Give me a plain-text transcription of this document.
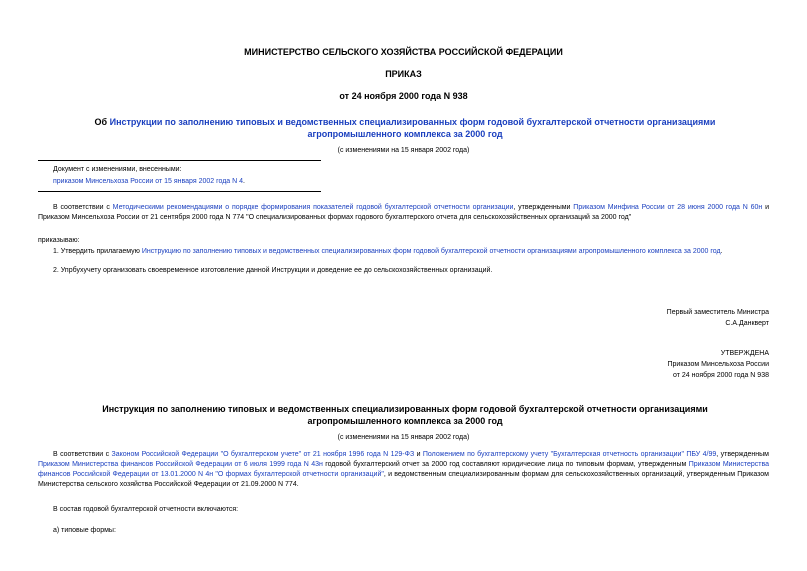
МИНИСТЕРСТВО СЕЛЬСКОГО ХОЗЯЙСТВА РОССИЙСКОЙ ФЕДЕРАЦИИ
ПРИКАЗ
от 24 ноября 2000 года N 938
Об Инструкции по заполнению типовых и ведомственных специализированных форм годовой бухгалтерской отчетности организациями агропромышленного комплекса за 2000 год
(с изменениями на 15 января 2002 года)
Документ с изменениями, внесенными:
приказом Минсельхоза России от 15 января 2002 года N 4.
В соответствии с Методическими рекомендациями о порядке формирования показателей годовой бухгалтерской отчетности организации, утвержденными Приказом Минфина России от 28 июня 2000 года N 60н и Приказом Минсельхоза России от 21 сентября 2000 года N 774 "О специализированных формах годового бухгалтерского отчета для сельскохозяйственных организаций за 2000 год"
приказываю:
1. Утвердить прилагаемую Инструкцию по заполнению типовых и ведомственных специализированных форм годовой бухгалтерской отчетности организациями агропромышленного комплекса за 2000 год.
2. Упрбухучету организовать своевременное изготовление данной Инструкции и доведение ее до сельскохозяйственных организаций.
Первый заместитель Министра
С.А.Данкверт
УТВЕРЖДЕНА
Приказом Минсельхоза России
от 24 ноября 2000 года N 938
Инструкция по заполнению типовых и ведомственных специализированных форм годовой бухгалтерской отчетности организациями агропромышленного комплекса за 2000 год
(с изменениями на 15 января 2002 года)
В соответствии с Законом Российской Федерации "О бухгалтерском учете" от 21 ноября 1996 года N 129-ФЗ и Положением по бухгалтерскому учету "Бухгалтерская отчетность организации" ПБУ 4/99, утвержденным Приказом Министерства финансов Российской Федерации от 6 июля 1999 года N 43н годовой бухгалтерский отчет за 2000 год составляют юридические лица по типовым формам, утвержденным Приказом Министерства финансов Российской Федерации от 13.01.2000 N 4н "О формах бухгалтерской отчетности организаций", и ведомственным специализированным формам для сельскохозяйственных организаций, утвержденным Приказом Министерства сельского хозяйства Российской Федерации от 21.09.2000 N 774.
В состав годовой бухгалтерской отчетности включаются:
а) типовые формы:
